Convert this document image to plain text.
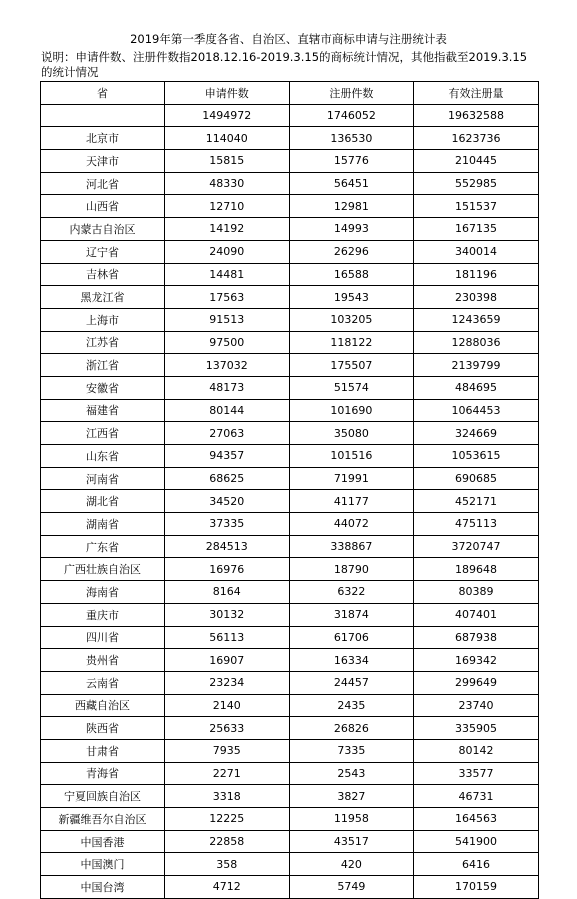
2019年第一季度各省、自治区、直辖市商标申请与注册统计表
说明：申请件数、注册件数指2018.12.16-2019.3.15的商标统计情况，其他指截至2019.3.15的统计情况
省	申请件数	注册件数	有效注册量
	1494972	1746052	19632588
北京市	114040	136530	1623736
天津市	15815	15776	210445
河北省	48330	56451	552985
山西省	12710	12981	151537
内蒙古自治区	14192	14993	167135
辽宁省	24090	26296	340014
吉林省	14481	16588	181196
黑龙江省	17563	19543	230398
上海市	91513	103205	1243659
江苏省	97500	118122	1288036
浙江省	137032	175507	2139799
安徽省	48173	51574	484695
福建省	80144	101690	1064453
江西省	27063	35080	324669
山东省	94357	101516	1053615
河南省	68625	71991	690685
湖北省	34520	41177	452171
湖南省	37335	44072	475113
广东省	284513	338867	3720747
广西壮族自治区	16976	18790	189648
海南省	8164	6322	80389
重庆市	30132	31874	407401
四川省	56113	61706	687938
贵州省	16907	16334	169342
云南省	23234	24457	299649
西藏自治区	2140	2435	23740
陕西省	25633	26826	335905
甘肃省	7935	7335	80142
青海省	2271	2543	33577
宁夏回族自治区	3318	3827	46731
新疆维吾尔自治区	12225	11958	164563
中国香港	22858	43517	541900
中国澳门	358	420	6416
中国台湾	4712	5749	170159
